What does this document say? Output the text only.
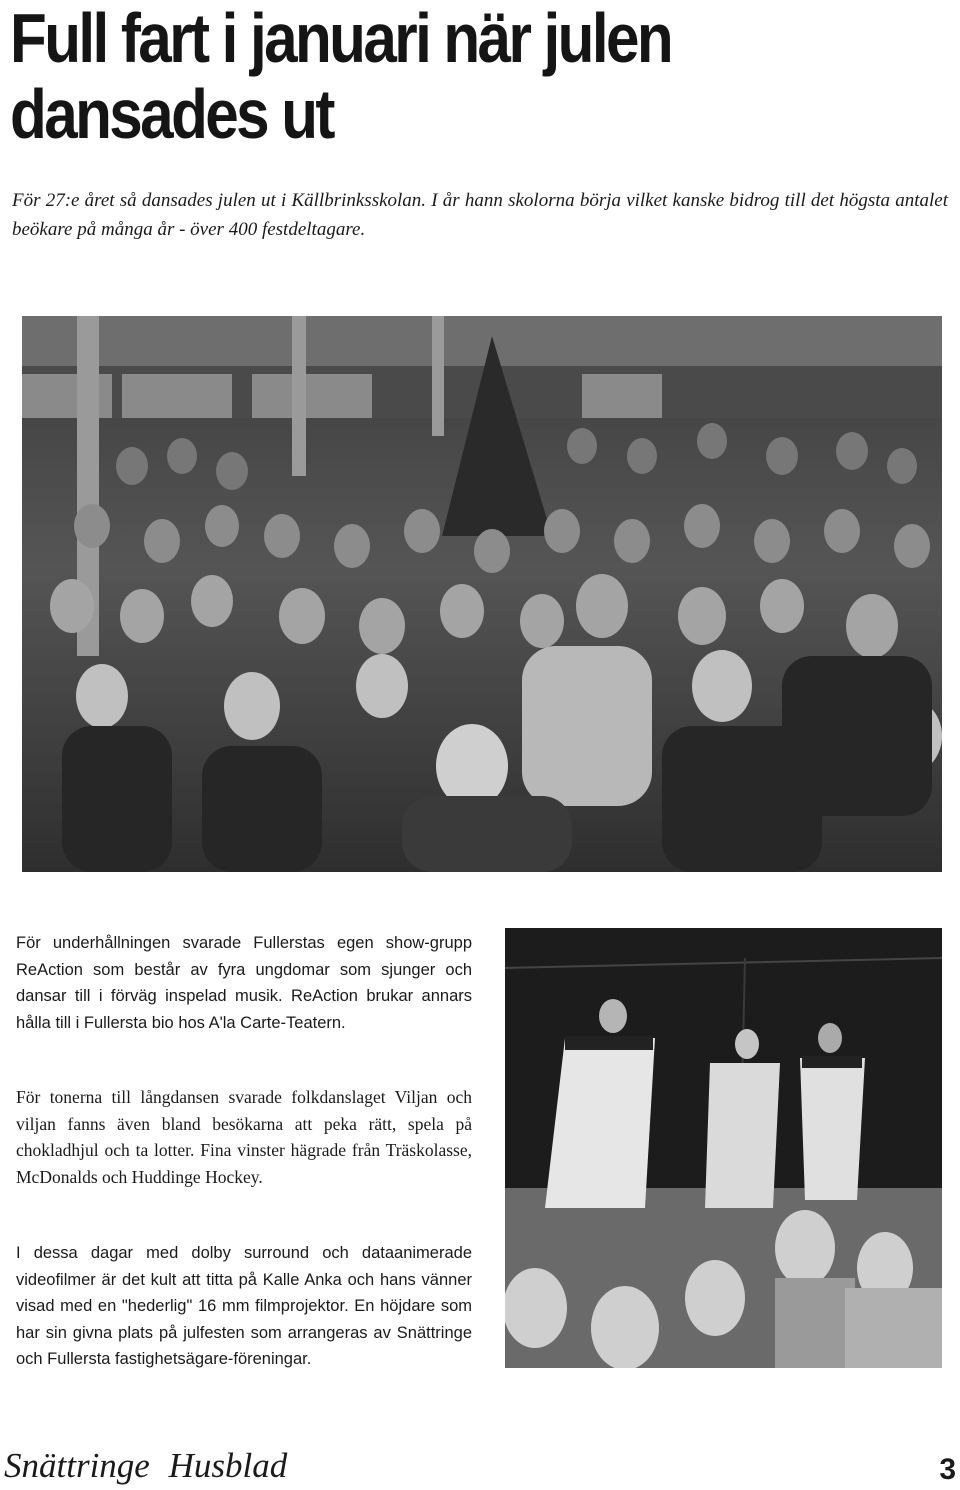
Full fart i januari när julen dansades ut

För 27:e året så dansades julen ut i Källbrinksskolan. I år hann skolorna börja vilket kanske bidrog till det högsta antalet beökare på många år - över 400 festdeltagare.

För underhållningen svarade Fullerstas egen show-grupp ReAction som består av fyra ungdomar som sjunger och dansar till i förväg inspelad musik. ReAction brukar annars hålla till i Fullersta bio hos A'la Carte-Teatern.

För tonerna till långdansen svarade folkdanslaget Viljan och viljan fanns även bland besökarna att peka rätt, spela på chokladhjul och ta lotter. Fina vinster hägrade från Träskolasse, McDonalds och Huddinge Hockey.

I dessa dagar med dolby surround och dataanimerade videofilmer är det kult att titta på Kalle Anka och hans vänner visad med en "hederlig" 16 mm filmprojektor. En höjdare som har sin givna plats på julfesten som arrangeras av Snättringe och Fullersta fastighetsägare-föreningar.

Snättringe Husblad	3
